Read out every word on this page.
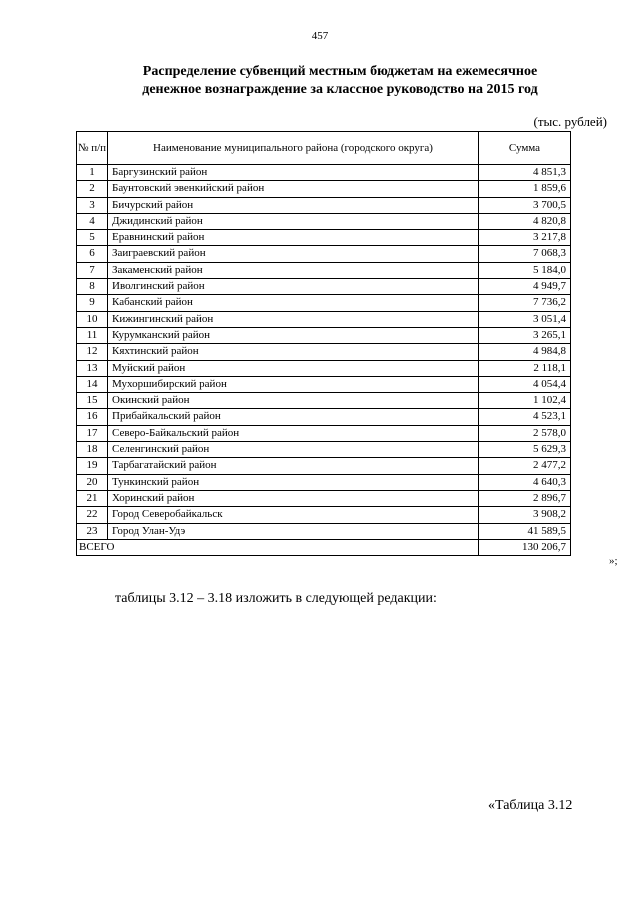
457
Распределение субвенций местным бюджетам на ежемесячное
денежное вознаграждение за классное руководство на 2015 год
(тыс. рублей)
№ п/п	Наименование муниципального района (городского округа)	Сумма
1	Баргузинский район	4 851,3
2	Баунтовский эвенкийский район	1 859,6
3	Бичурский район	3 700,5
4	Джидинский район	4 820,8
5	Еравнинский район	3 217,8
6	Заиграевский район	7 068,3
7	Закаменский район	5 184,0
8	Иволгинский район	4 949,7
9	Кабанский район	7 736,2
10	Кижингинский район	3 051,4
11	Курумканский район	3 265,1
12	Кяхтинский район	4 984,8
13	Муйский район	2 118,1
14	Мухоршибирский район	4 054,4
15	Окинский район	1 102,4
16	Прибайкальский район	4 523,1
17	Северо-Байкальский район	2 578,0
18	Селенгинский район	5 629,3
19	Тарбагатайский район	2 477,2
20	Тункинский район	4 640,3
21	Хоринский район	2 896,7
22	Город Северобайкальск	3 908,2
23	Город Улан-Удэ	41 589,5
ВСЕГО		130 206,7
»;
таблицы 3.12 – 3.18 изложить в следующей редакции:
«Таблица 3.12
